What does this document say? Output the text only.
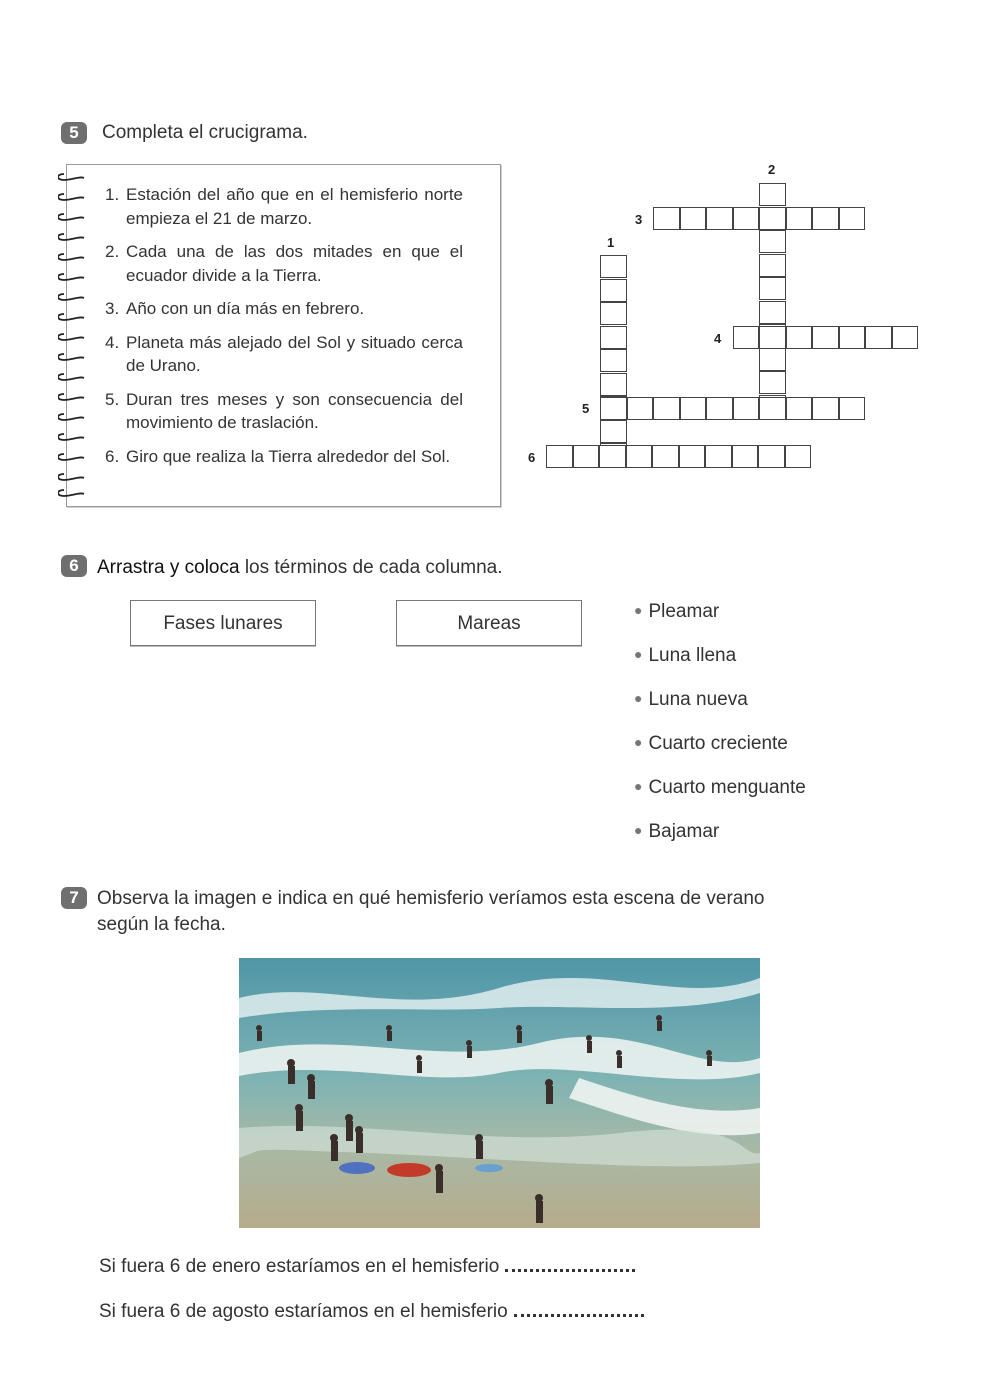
5	Completa el crucigrama.
1. Estación del año que en el hemisferio norte empieza el 21 de marzo.
2. Cada una de las dos mitades en que el ecuador divide a la Tierra.
3. Año con un día más en febrero.
4. Planeta más alejado del Sol y situado cerca de Urano.
5. Duran tres meses y son consecuencia del movimiento de traslación.
6. Giro que realiza la Tierra alrededor del Sol.
2
3
1
4
5
6
6 Arrastra y coloca los términos de cada columna.
Fases lunares	Mareas
● Pleamar
● Luna llena
● Luna nueva
● Cuarto creciente
● Cuarto menguante
● Bajamar
7 Observa la imagen e indica en qué hemisferio veríamos esta escena de verano según la fecha.
Si fuera 6 de enero estaríamos en el hemisferio
Si fuera 6 de agosto estaríamos en el hemisferio
